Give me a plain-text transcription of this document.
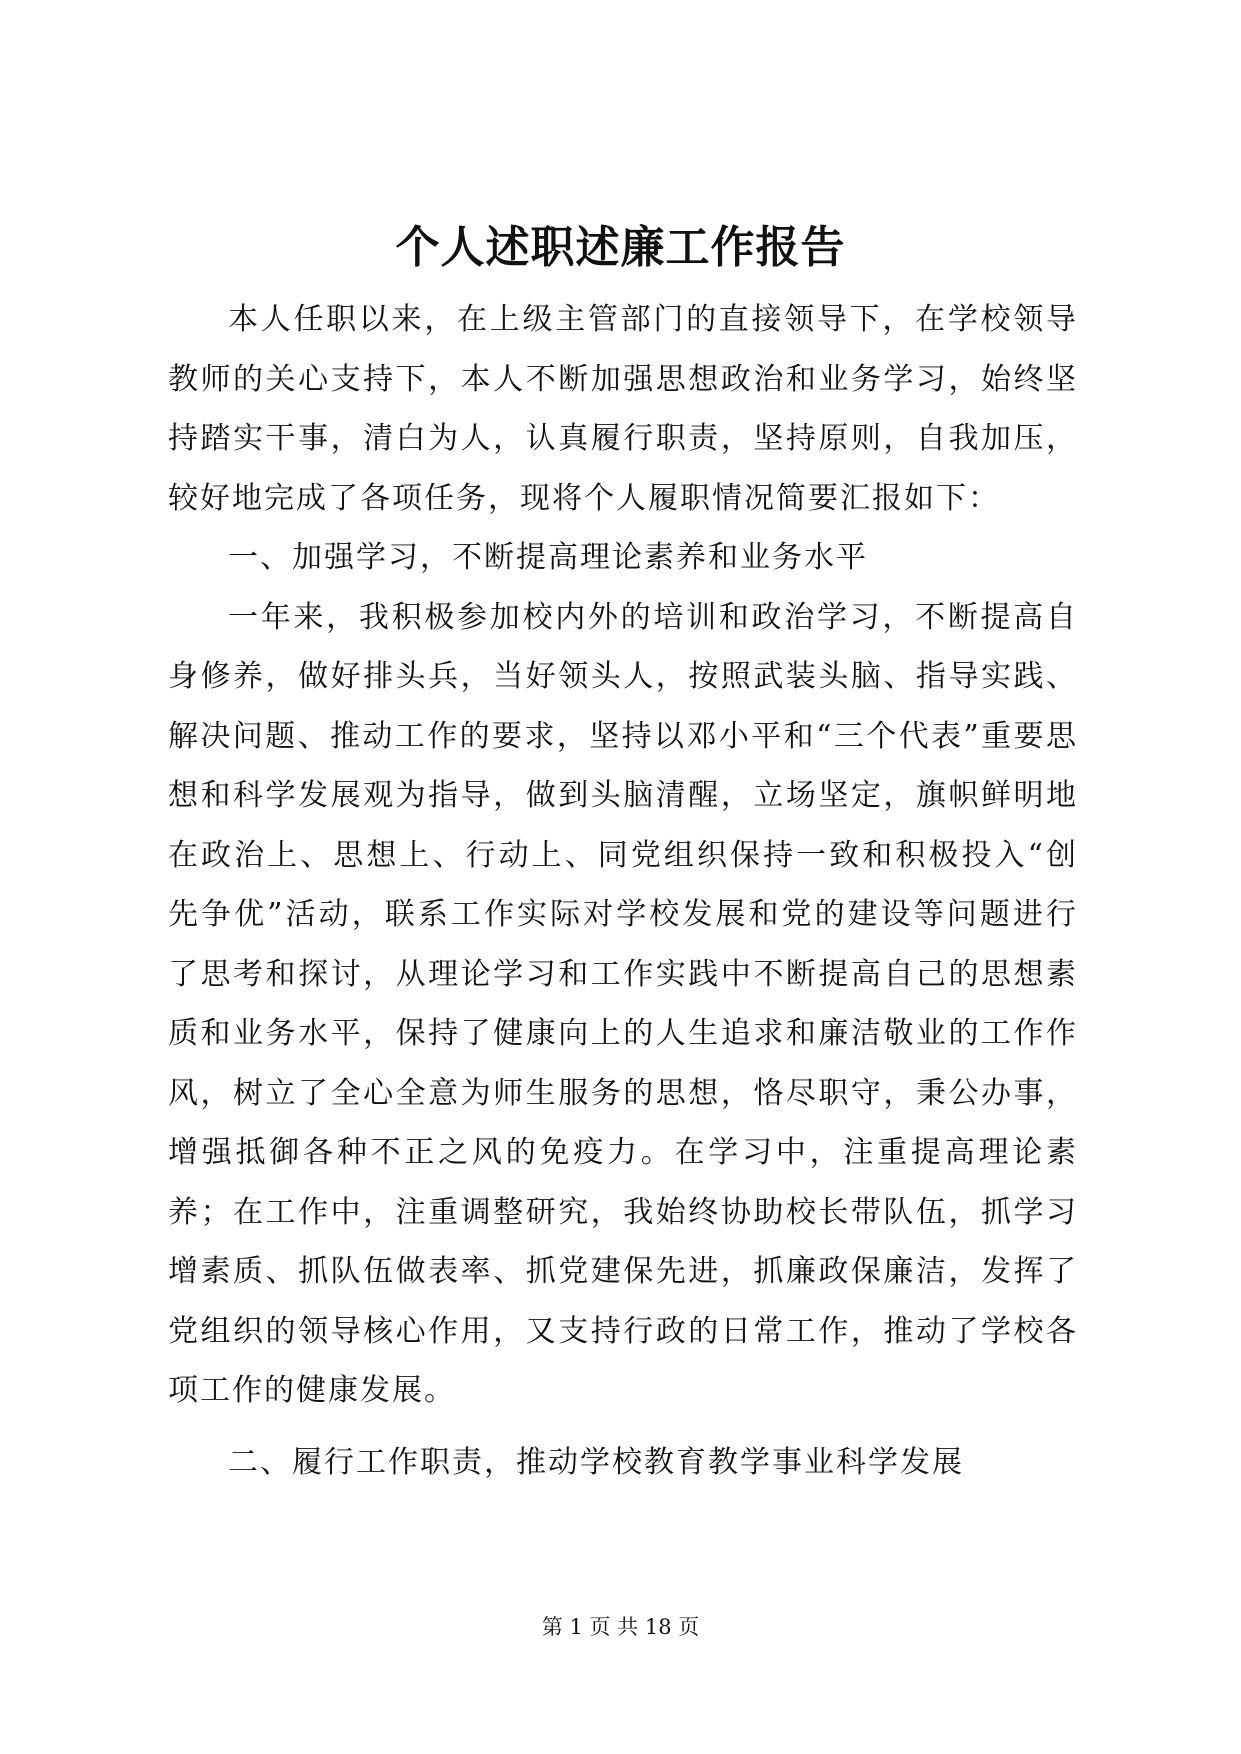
个人述职述廉工作报告

本人任职以来，在上级主管部门的直接领导下，在学校领导教师的关心支持下，本人不断加强思想政治和业务学习，始终坚持踏实干事，清白为人，认真履行职责，坚持原则，自我加压，较好地完成了各项任务，现将个人履职情况简要汇报如下：

一、加强学习，不断提高理论素养和业务水平

一年来，我积极参加校内外的培训和政治学习，不断提高自身修养，做好排头兵，当好领头人，按照武装头脑、指导实践、解决问题、推动工作的要求，坚持以邓小平和“三个代表”重要思想和科学发展观为指导，做到头脑清醒，立场坚定，旗帜鲜明地在政治上、思想上、行动上、同党组织保持一致和积极投入“创先争优”活动，联系工作实际对学校发展和党的建设等问题进行了思考和探讨，从理论学习和工作实践中不断提高自己的思想素质和业务水平，保持了健康向上的人生追求和廉洁敬业的工作作风，树立了全心全意为师生服务的思想，恪尽职守，秉公办事，增强抵御各种不正之风的免疫力。在学习中，注重提高理论素养；在工作中，注重调整研究，我始终协助校长带队伍，抓学习增素质、抓队伍做表率、抓党建保先进，抓廉政保廉洁，发挥了党组织的领导核心作用，又支持行政的日常工作，推动了学校各项工作的健康发展。

二、履行工作职责，推动学校教育教学事业科学发展

第 1 页 共 18 页
